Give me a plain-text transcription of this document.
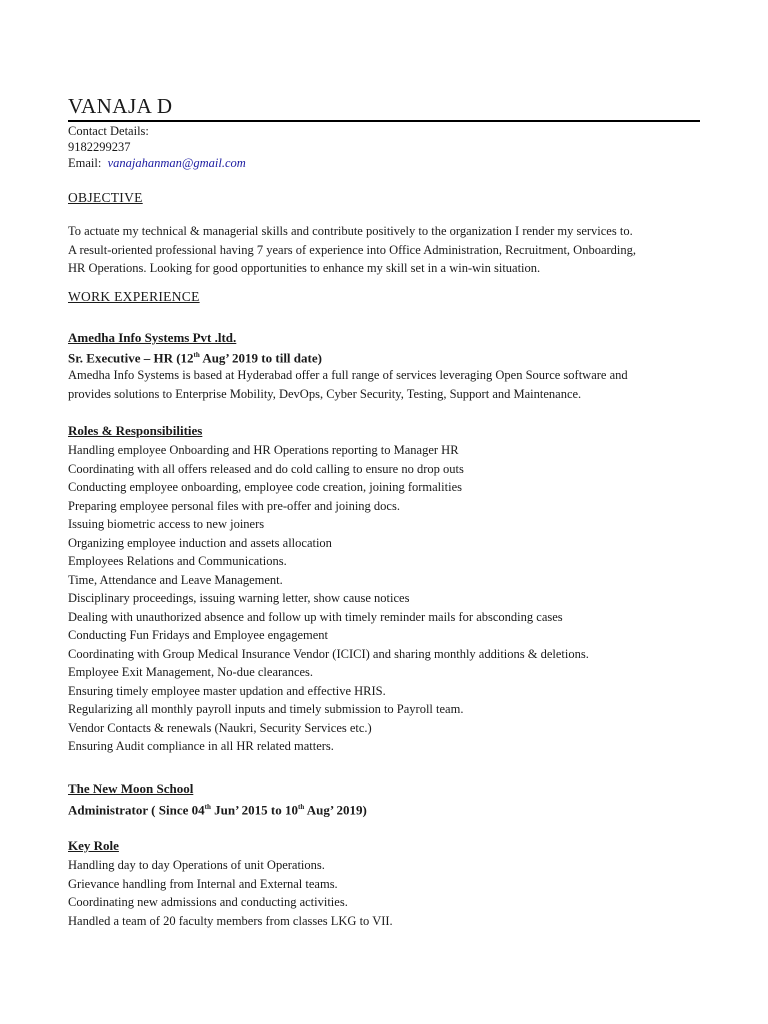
VANAJA D
Contact Details:
9182299237
Email: vanajahanman@gmail.com
OBJECTIVE
To actuate my technical & managerial skills and contribute positively to the organization I render my services to.
A result-oriented professional having 7 years of experience into Office Administration, Recruitment, Onboarding,
HR Operations. Looking for good opportunities to enhance my skill set in a win-win situation.
WORK EXPERIENCE
Amedha Info Systems Pvt .ltd.
Sr. Executive – HR (12th Aug’ 2019 to till date)
Amedha Info Systems is based at Hyderabad offer a full range of services leveraging Open Source software and
provides solutions to Enterprise Mobility, DevOps, Cyber Security, Testing, Support and Maintenance.
Roles & Responsibilities
Handling employee Onboarding and HR Operations reporting to Manager HR
Coordinating with all offers released and do cold calling to ensure no drop outs
Conducting employee onboarding, employee code creation, joining formalities
Preparing employee personal files with pre-offer and joining docs.
Issuing biometric access to new joiners
Organizing employee induction and assets allocation
Employees Relations and Communications.
Time, Attendance and Leave Management.
Disciplinary proceedings, issuing warning letter, show cause notices
Dealing with unauthorized absence and follow up with timely reminder mails for absconding cases
Conducting Fun Fridays and Employee engagement
Coordinating with Group Medical Insurance Vendor (ICICI) and sharing monthly additions & deletions.
Employee Exit Management, No-due clearances.
Ensuring timely employee master updation and effective HRIS.
Regularizing all monthly payroll inputs and timely submission to Payroll team.
Vendor Contacts & renewals (Naukri, Security Services etc.)
Ensuring Audit compliance in all HR related matters.
The New Moon School
Administrator ( Since 04th Jun’ 2015 to 10th Aug’ 2019)
Key Role
Handling day to day Operations of unit Operations.
Grievance handling from Internal and External teams.
Coordinating new admissions and conducting activities.
Handled a team of 20 faculty members from classes LKG to VII.
